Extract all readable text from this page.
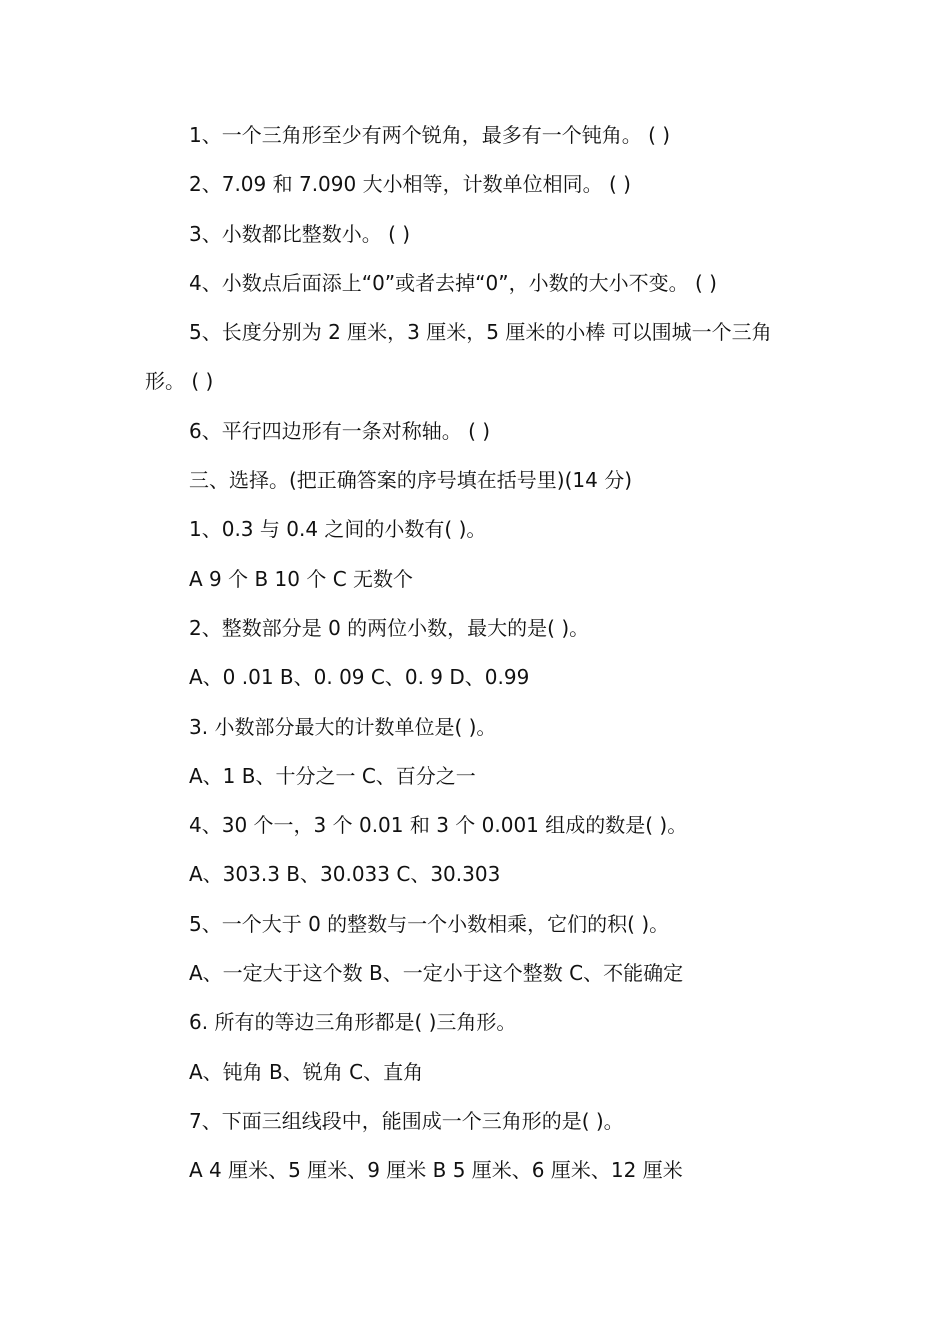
1、一个三角形至少有两个锐角，最多有一个钝角。 ( )
2、7.09 和 7.090 大小相等，计数单位相同。 ( )
3、小数都比整数小。 ( )
4、小数点后面添上“0”或者去掉“0”，小数的大小不变。 ( )
5、长度分别为 2 厘米，3 厘米，5 厘米的小棒 可以围城一个三角
形。 ( )
6、平行四边形有一条对称轴。 ( )
三、选择。(把正确答案的序号填在括号里)(14 分)
1、0.3 与 0.4 之间的小数有( )。
A 9 个 B 10 个 C 无数个
2、整数部分是 0 的两位小数，最大的是( )。
A、0 .01 B、0. 09 C、0. 9 D、0.99
3. 小数部分最大的计数单位是( )。
A、1 B、十分之一 C、百分之一
4、30 个一，3 个 0.01 和 3 个 0.001 组成的数是( )。
A、303.3 B、30.033 C、30.303
5、一个大于 0 的整数与一个小数相乘，它们的积( )。
A、一定大于这个数 B、一定小于这个整数 C、不能确定
6. 所有的等边三角形都是( )三角形。
A、钝角 B、锐角 C、直角
7、下面三组线段中，能围成一个三角形的是( )。
A 4 厘米、5 厘米、9 厘米 B 5 厘米、6 厘米、12 厘米
